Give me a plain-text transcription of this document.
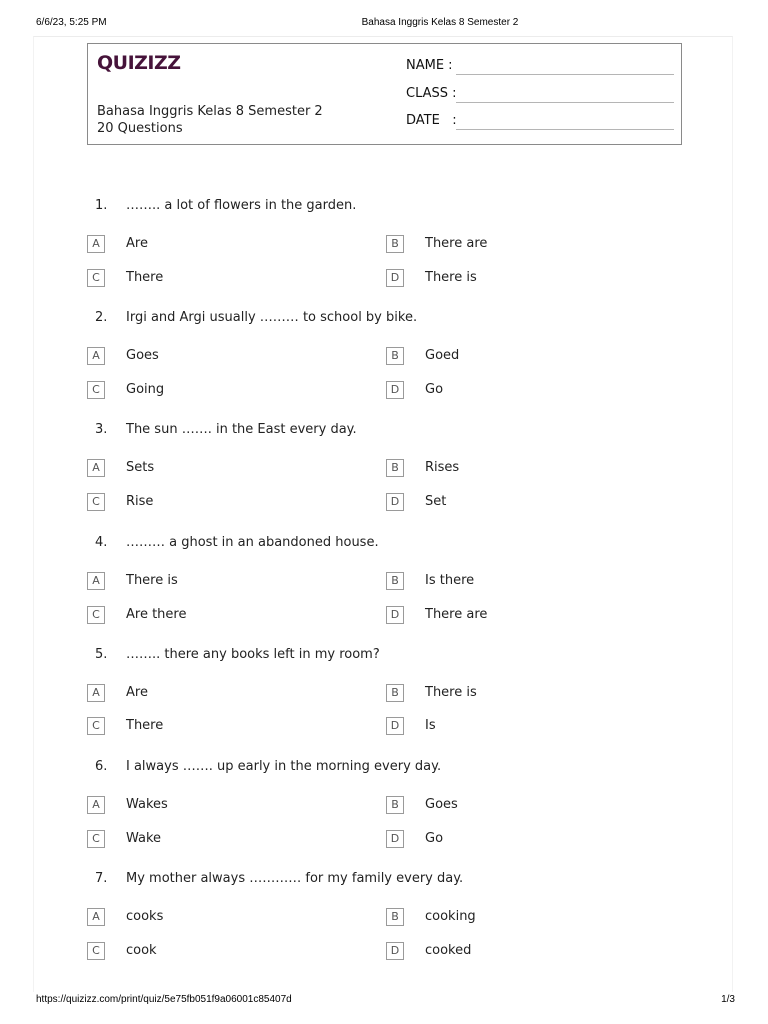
6/6/23, 5:25 PM	Bahasa Inggris Kelas 8 Semester 2
QUIZIZZ
Bahasa Inggris Kelas 8 Semester 2
20 Questions
NAME :
CLASS :
DATE   :
1. …….. a lot of flowers in the garden.
A	Are	B	There are
C	There	D	There is
2. Irgi and Argi usually ……… to school by bike.
A	Goes	B	Goed
C	Going	D	Go
3. The sun ……. in the East every day.
A	Sets	B	Rises
C	Rise	D	Set
4. ……… a ghost in an abandoned house.
A	There is	B	Is there
C	Are there	D	There are
5. …….. there any books left in my room?
A	Are	B	There is
C	There	D	Is
6. I always ……. up early in the morning every day.
A	Wakes	B	Goes
C	Wake	D	Go
7. My mother always ………… for my family every day.
A	cooks	B	cooking
C	cook	D	cooked
https://quizizz.com/print/quiz/5e75fb051f9a06001c85407d	1/3
